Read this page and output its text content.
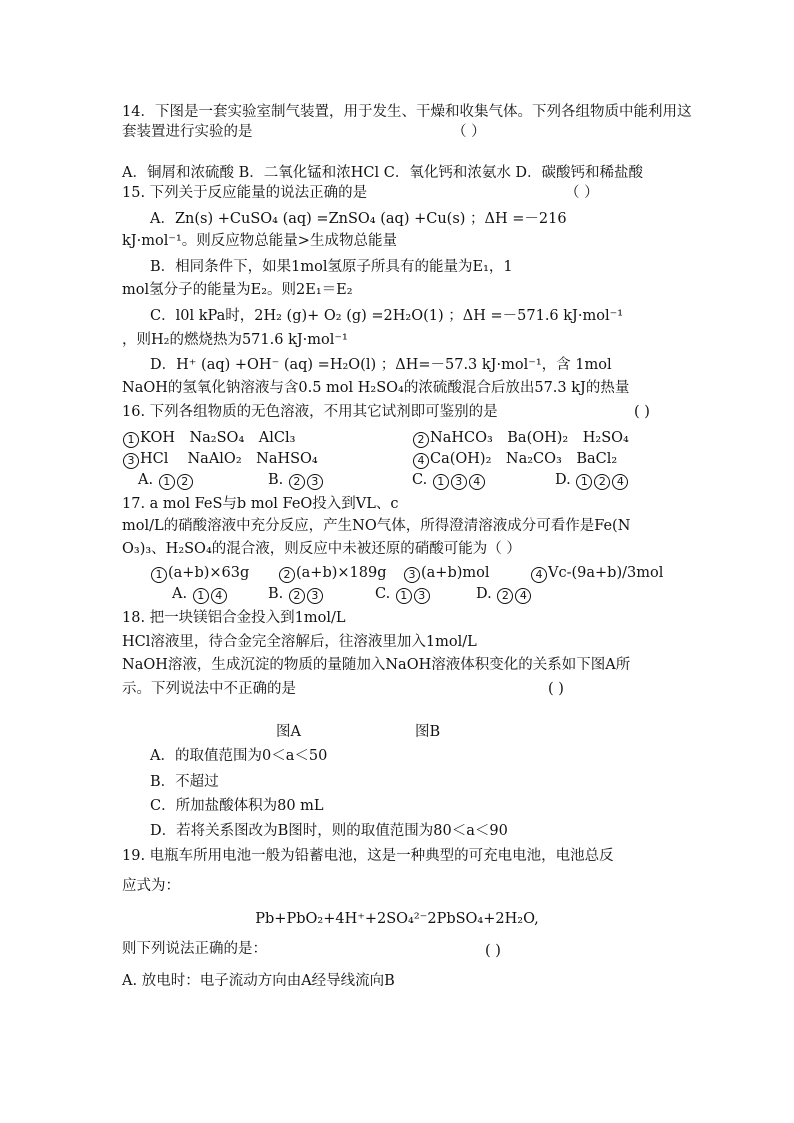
14．下图是一套实验室制气装置，用于发生、干燥和收集气体。下列各组物质中能利用这
套装置进行实验的是	（ ）
A．铜屑和浓硫酸 B．二氧化锰和浓HCl C．氧化钙和浓氨水 D．碳酸钙和稀盐酸
15. 下列关于反应能量的说法正确的是	（ ）
A．Zn(s) +CuSO₄ (aq) =ZnSO₄ (aq) +Cu(s) ；ΔH =－216
kJ·mol⁻¹。则反应物总能量>生成物总能量
B．相同条件下，如果1mol氢原子所具有的能量为E₁，1
mol氢分子的能量为E₂。则2E₁＝E₂
C．l0l kPa时，2H₂ (g)+ O₂ (g) =2H₂O(1) ；ΔH =－571.6 kJ·mol⁻¹
，则H₂的燃烧热为571.6 kJ·mol⁻¹
D．H⁺ (aq) +OH⁻ (aq) =H₂O(l) ；ΔH=－57.3 kJ·mol⁻¹，含 1mol
NaOH的氢氧化钠溶液与含0.5 mol H₂SO₄的浓硫酸混合后放出57.3 kJ的热量
16. 下列各组物质的无色溶液，不用其它试剂即可鉴别的是	( )
1 KOH　Na₂SO₄　AlCl₃	2 NaHCO₃　Ba(OH)₂　H₂SO₄
3 HCl　 NaAlO₂　NaHSO₄	4 Ca(OH)₂　Na₂CO₃　BaCl₂
A. 1 2	B. 2 3	C. 1 3 4	D. 1 2 4
17. a mol FeS与b mol FeO投入到VL、c
mol/L的硝酸溶液中充分反应，产生NO气体，所得澄清溶液成分可看作是Fe(N
O₃)₃、H₂SO₄的混合液，则反应中未被还原的硝酸可能为（ ）
1 (a+b)×63g	2 (a+b)×189g	3 (a+b)mol	4 Vc-(9a+b)/3mol
A. 1 4	B. 2 3	C. 1 3	D. 2 4
18. 把一块镁铝合金投入到1mol/L
HCl溶液里，待合金完全溶解后，往溶液里加入1mol/L
NaOH溶液，生成沉淀的物质的量随加入NaOH溶液体积变化的关系如下图A所
示。下列说法中不正确的是	( )
图A	图B
A．的取值范围为0＜a＜50
B．不超过
C．所加盐酸体积为80 mL
D．若将关系图改为B图时，则的取值范围为80＜a＜90
19. 电瓶车所用电池一般为铅蓄电池，这是一种典型的可充电电池，电池总反
应式为：
Pb+PbO₂+4H⁺+2SO₄²⁻2PbSO₄+2H₂O,
则下列说法正确的是：	( )
A. 放电时：电子流动方向由A经导线流向B
